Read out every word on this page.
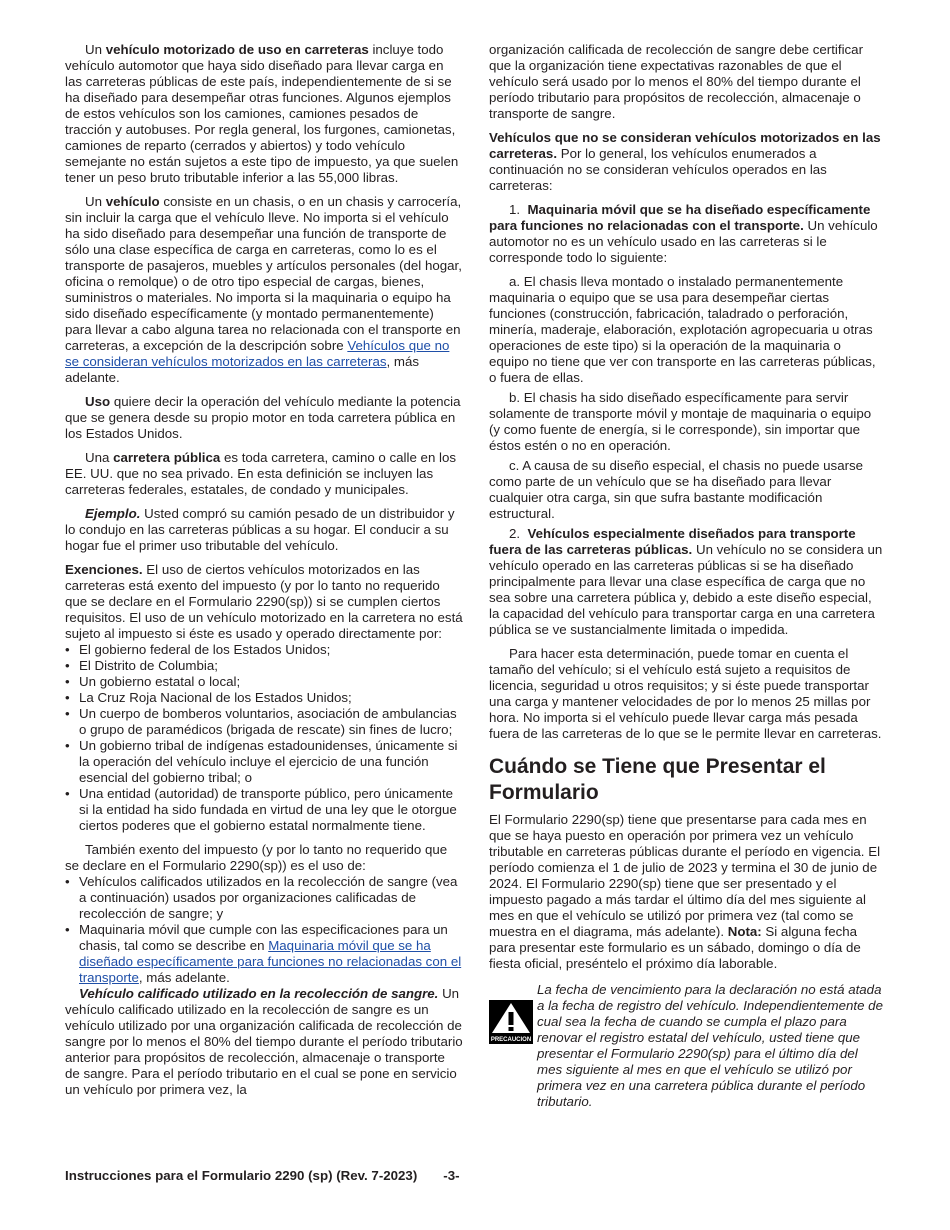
Un vehículo motorizado de uso en carreteras incluye todo vehículo automotor que haya sido diseñado para llevar carga en las carreteras públicas de este país, independientemente de si se ha diseñado para desempeñar otras funciones. Algunos ejemplos de estos vehículos son los camiones, camiones pesados de tracción y autobuses. Por regla general, los furgones, camionetas, camiones de reparto (cerrados y abiertos) y todo vehículo semejante no están sujetos a este tipo de impuesto, ya que suelen tener un peso bruto tributable inferior a las 55,000 libras.

Un vehículo consiste en un chasis, o en un chasis y carrocería, sin incluir la carga que el vehículo lleve. No importa si el vehículo ha sido diseñado para desempeñar una función de transporte de sólo una clase específica de carga en carreteras, como lo es el transporte de pasajeros, muebles y artículos personales (del hogar, oficina o remolque) o de otro tipo especial de cargas, bienes, suministros o materiales. No importa si la maquinaria o equipo ha sido diseñado específicamente (y montado permanentemente) para llevar a cabo alguna tarea no relacionada con el transporte en carreteras, a excepción de la descripción sobre Vehículos que no se consideran vehículos motorizados en las carreteras, más adelante.

Uso quiere decir la operación del vehículo mediante la potencia que se genera desde su propio motor en toda carretera pública en los Estados Unidos.

Una carretera pública es toda carretera, camino o calle en los EE. UU. que no sea privado. En esta definición se incluyen las carreteras federales, estatales, de condado y municipales.

Ejemplo. Usted compró su camión pesado de un distribuidor y lo condujo en las carreteras públicas a su hogar. El conducir a su hogar fue el primer uso tributable del vehículo.

Exenciones. El uso de ciertos vehículos motorizados en las carreteras está exento del impuesto (y por lo tanto no requerido que se declare en el Formulario 2290(sp)) si se cumplen ciertos requisitos. El uso de un vehículo motorizado en la carretera no está sujeto al impuesto si éste es usado y operado directamente por:

• El gobierno federal de los Estados Unidos;

• El Distrito de Columbia;

• Un gobierno estatal o local;

• La Cruz Roja Nacional de los Estados Unidos;

• Un cuerpo de bomberos voluntarios, asociación de ambulancias o grupo de paramédicos (brigada de rescate) sin fines de lucro;

• Un gobierno tribal de indígenas estadounidenses, únicamente si la operación del vehículo incluye el ejercicio de una función esencial del gobierno tribal; o

• Una entidad (autoridad) de transporte público, pero únicamente si la entidad ha sido fundada en virtud de una ley que le otorgue ciertos poderes que el gobierno estatal normalmente tiene.

También exento del impuesto (y por lo tanto no requerido que se declare en el Formulario 2290(sp)) es el uso de:

• Vehículos calificados utilizados en la recolección de sangre (vea a continuación) usados por organizaciones calificadas de recolección de sangre; y

• Maquinaria móvil que cumple con las especificaciones para un chasis, tal como se describe en Maquinaria móvil que se ha diseñado específicamente para funciones no relacionadas con el transporte, más adelante.

Vehículo calificado utilizado en la recolección de sangre. Un vehículo calificado utilizado en la recolección de sangre es un vehículo utilizado por una organización calificada de recolección de sangre por lo menos el 80% del tiempo durante el período tributario anterior para propósitos de recolección, almacenaje o transporte de sangre. Para el período tributario en el cual se pone en servicio un vehículo por primera vez, la

organización calificada de recolección de sangre debe certificar que la organización tiene expectativas razonables de que el vehículo será usado por lo menos el 80% del tiempo durante el período tributario para propósitos de recolección, almacenaje o transporte de sangre.

Vehículos que no se consideran vehículos motorizados en las carreteras. Por lo general, los vehículos enumerados a continuación no se consideran vehículos operados en las carreteras:

1. Maquinaria móvil que se ha diseñado específicamente para funciones no relacionadas con el transporte. Un vehículo automotor no es un vehículo usado en las carreteras si le corresponde todo lo siguiente:

a. El chasis lleva montado o instalado permanentemente maquinaria o equipo que se usa para desempeñar ciertas funciones (construcción, fabricación, taladrado o perforación, minería, maderaje, elaboración, explotación agropecuaria u otras operaciones de este tipo) si la operación de la maquinaria o equipo no tiene que ver con transporte en las carreteras públicas, o fuera de ellas.

b. El chasis ha sido diseñado específicamente para servir solamente de transporte móvil y montaje de maquinaria o equipo (y como fuente de energía, si le corresponde), sin importar que éstos estén o no en operación.

c. A causa de su diseño especial, el chasis no puede usarse como parte de un vehículo que se ha diseñado para llevar cualquier otra carga, sin que sufra bastante modificación estructural.

2. Vehículos especialmente diseñados para transporte fuera de las carreteras públicas. Un vehículo no se considera un vehículo operado en las carreteras públicas si se ha diseñado principalmente para llevar una clase específica de carga que no sea sobre una carretera pública y, debido a este diseño especial, la capacidad del vehículo para transportar carga en una carretera pública se ve sustancialmente limitada o impedida.

Para hacer esta determinación, puede tomar en cuenta el tamaño del vehículo; si el vehículo está sujeto a requisitos de licencia, seguridad u otros requisitos; y si éste puede transportar una carga y mantener velocidades de por lo menos 25 millas por hora. No importa si el vehículo puede llevar carga más pesada fuera de las carreteras de lo que se le permite llevar en carreteras.

Cuándo se Tiene que Presentar el Formulario

El Formulario 2290(sp) tiene que presentarse para cada mes en que se haya puesto en operación por primera vez un vehículo tributable en carreteras públicas durante el período en vigencia. El período comienza el 1 de julio de 2023 y termina el 30 de junio de 2024. El Formulario 2290(sp) tiene que ser presentado y el impuesto pagado a más tardar el último día del mes siguiente al mes en que el vehículo se utilizó por primera vez (tal como se muestra en el diagrama, más adelante). Nota: Si alguna fecha para presentar este formulario es un sábado, domingo o día de fiesta oficial, preséntelo el próximo día laborable.

PRECAUCION
La fecha de vencimiento para la declaración no está atada a la fecha de registro del vehículo. Independientemente de cual sea la fecha de cuando se cumpla el plazo para renovar el registro estatal del vehículo, usted tiene que presentar el Formulario 2290(sp) para el último día del mes siguiente al mes en que el vehículo se utilizó por primera vez en una carretera pública durante el período tributario.
Instrucciones para el Formulario 2290 (sp) (Rev. 7-2023) -3-
